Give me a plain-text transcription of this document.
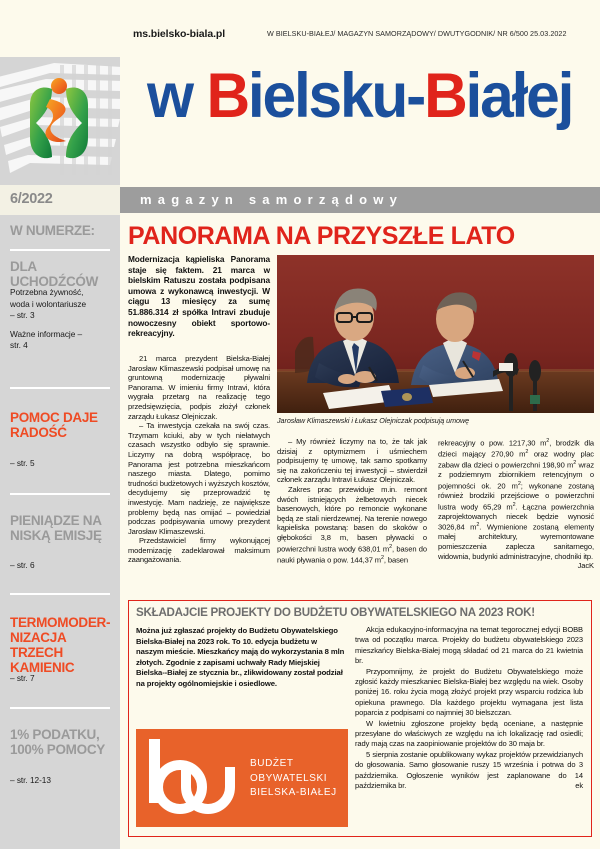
ms.bielsko-biala.pl	W BIELSKU-BIAŁEJ/ MAGAZYN SAMORZĄDOWY/ DWUTYGODNIK/ NR 6/500 25.03.2022
w Bielsku-Białej
6/2022	magazyn samorządowy
W NUMERZE:
DLA UCHODŹCÓW
Potrzebna żywność,
woda i wolontariusze
– str. 3
Ważne informacje –
str. 4
POMOC DAJE RADOŚĆ
– str. 5
PIENIĄDZE NA NISKĄ EMISJĘ
– str. 6
TERMOMODER- NIZACJA TRZECH KAMIENIC
– str. 7
1% PODATKU, 100% POMOCY
– str. 12-13
PANORAMA NA PRZYSZŁE LATO
Jarosław Klimaszewski i Łukasz Olejniczak podpisują umowę

Modernizacja kąpieliska Panorama staje się faktem. 21 marca w bielskim Ratuszu została podpisana umowa z wykonawcą inwestycji. W ciągu 13 miesięcy za sumę 51.886.314 zł spółka Intravi zbuduje nowoczesny obiekt sportowo-rekreacyjny.

21 marca prezydent Bielska-Białej Jarosław Klimaszewski podpisał umowę na gruntowną modernizację pływalni Panorama. W imieniu firmy Intravi, która wygrała przetarg na realizację tego przedsięwzięcia, podpis złożył członek zarządu Łukasz Olejniczak.

– Ta inwestycja czekała na swój czas. Trzymam kciuki, aby w tych niełatwych czasach wszystko odbyło się sprawnie. Liczymy na dobrą współpracę, bo Panorama jest potrzebna mieszkańcom naszego miasta. Dlatego, pomimo trudności budżetowych i wyższych kosztów, decydujemy się przeprowadzić tę inwestycję. Mam nadzieję, ze największe problemy będą nas omijać – powiedział podczas podpisywania umowy prezydent Jarosław Klimaszewski.

Przedstawiciel firmy wykonującej modernizację zadeklarował maksimum zaangażowania.

– My również liczymy na to, że tak jak dzisiaj z optymizmem i uśmiechem podpisujemy tę umowę, tak samo spotkamy się na zakończeniu tej inwestycji – stwierdził członek zarządu Intravi Łukasz Olejniczak.

Zakres prac przewiduje m.in. remont dwóch istniejących żelbetowych niecek basenowych, które po remoncie wykonane będą ze stali nierdzewnej. Na terenie nowego kąpieliska powstaną: basen do skoków o głębokości 3,8 m, basen pływacki o powierzchni lustra wody 638,01 $m^2$, basen do nauki pływania o pow. 144,37 $m^2$, basen

rekreacyjny o pow. 1217,30 $m^2$, brodzik dla dzieci mający 270,90 $m^2$ oraz wodny plac zabaw dla dzieci o powierzchni 198,90 $m^2$ wraz z podziemnym zbiornikiem retencyjnym o pojemności ok. 20 $m^2$; wykonane zostaną również brodziki przejściowe o powierzchni lustra wody 65,29 $m^2$. Łączna powierzchnia zaprojektowanych niecek będzie wynosić 3026,84 $m^2$. Wymienione zostaną elementy małej architektury, wyremontowane pomieszczenia zaplecza sanitarnego, widownia, budynki administracyjne, chodniki itp.
JacK

SKŁADAJCIE PROJEKTY DO BUDŻETU OBYWATELSKIEGO NA 2023 ROK!
Można już zgłaszać projekty do Budżetu Obywatelskiego Bielska-Białej na 2023 rok. To 10. edycja budżetu w naszym mieście. Mieszkańcy mają do wykorzystania 8 mln złotych. Zgodnie z zapisami uchwały Rady Miejskiej Bielska--Białej ze stycznia br., zlikwidowany został podział na projekty ogólnomiejskie i osiedlowe.
BUDŻET
OBYWATELSKI
BIELSKA-BIAŁEJ

Akcja edukacyjno-informacyjna na temat tegorocznej edycji BOBB trwa od początku marca. Projekty do budżetu obywatelskiego 2023 mieszkańcy Bielska-Białej mogą składać od 21 marca do 21 kwietnia br.

Przypomnijmy, że projekt do Budżetu Obywatelskiego może zgłosić każdy mieszkaniec Bielska-Białej bez względu na wiek. Osoby poniżej 16. roku życia mogą złożyć projekt przy wsparciu rodzica lub opiekuna prawnego. Dla każdego projektu wymagana jest lista poparcia z podpisami co najmniej 30 bielszczan.

W kwietniu zgłoszone projekty będą oceniane, a następnie przesyłane do właściwych ze względu na ich lokalizację rad osiedli; rady mają czas na zaopiniowanie projektów do 30 maja br.

5 sierpnia zostanie opublikowany wykaz projektów przewidzianych do głosowania. Samo głosowanie ruszy 15 września i potrwa do 3 października. Ogłoszenie wyników jest zaplanowane do 14 października br.	ek
